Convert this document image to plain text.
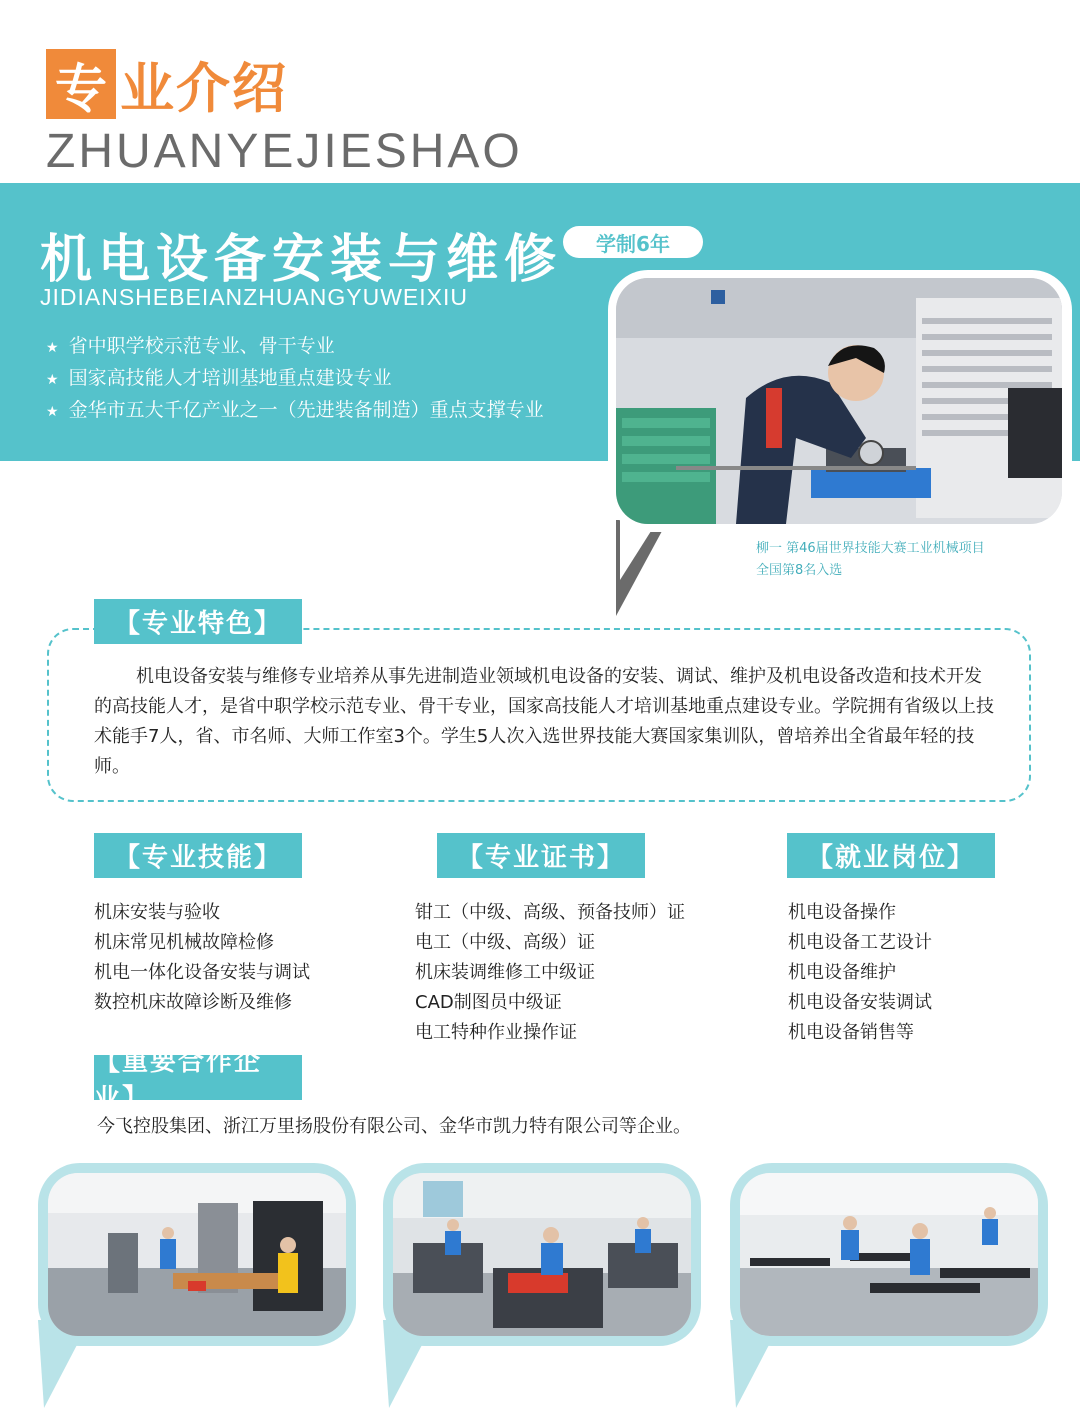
专 业介绍
ZHUANYEJIESHAO
机电设备安装与维修	学制6年
JIDIANSHEBEIANZHUANGYUWEIXIU
★ 省中职学校示范专业、骨干专业
★ 国家高技能人才培训基地重点建设专业
★ 金华市五大千亿产业之一（先进装备制造）重点支撑专业
柳一 第46届世界技能大赛工业机械项目
全国第8名入选
【专业特色】

机电设备安装与维修专业培养从事先进制造业领域机电设备的安装、调试、维护及机电设备改造和技术开发的高技能人才，是省中职学校示范专业、骨干专业，国家高技能人才培训基地重点建设专业。学院拥有省级以上技术能手7人，省、市名师、大师工作室3个。学生5人次入选世界技能大赛国家集训队，曾培养出全省最年轻的技师。

【专业技能】
机床安装与验收
机床常见机械故障检修
机电一体化设备安装与调试
数控机床故障诊断及维修
【专业证书】
钳工（中级、高级、预备技师）证
电工（中级、高级）证
机床装调维修工中级证
CAD制图员中级证
电工特种作业操作证
【就业岗位】
机电设备操作
机电设备工艺设计
机电设备维护
机电设备安装调试
机电设备销售等
【重要合作企业】
今飞控股集团、浙江万里扬股份有限公司、金华市凯力特有限公司等企业。
